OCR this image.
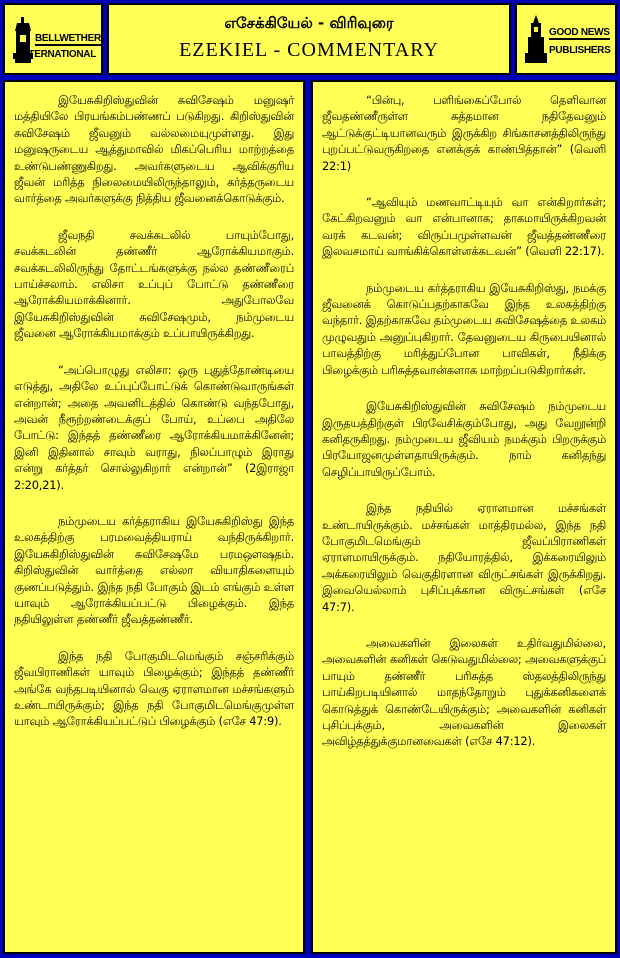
BELLWETHER
INTERNATIONAL
எசேக்கியேல் - விரிவுரை
EZEKIEL - COMMENTARY
GOOD NEWS
PUBLISHERS

இயேசுகிறிஸ்துவின் சுவிசேஷம் மனுஷர் மத்தியிலே பிரயங்கம்பண்ணப் படுகிறது. கிறிஸ்துவின் சுவிசேஷம் ஜீவனும் வல்லமையுமுள்ளது. இது மனுஷருடைய ஆத்துமாவில் மிகப்பெரிய மாற்றத்தை உண்டுபண்ணுகிறது. அவர்களுடைய ஆவிக்குரிய ஜீவன் மரித்த நிலைமையிலிருந்தாலும், கர்த்தருடைய வார்த்தை அவர்களுக்கு நித்திய ஜீவனைக்கொடுக்கும்.

ஜீவநதி சவக்கடலில் பாயும்போது, சவக்கடலின் தண்ணீர் ஆரோக்கியமாகும். சவக்கடலிலிருந்து தோட்டங்களுக்கு நல்ல தண்ணீரைப் பாய்ச்சலாம். எலிசா உப்புப் போட்டு தண்ணீரை ஆரோக்கியமாக்கினார். அதுபோலவே இயேசுகிறிஸ்துவின் சுவிசேஷமும், நம்முடைய ஜீவனை ஆரோக்கியமாக்கும் உப்பாயிருக்கிறது.

“அப்பொழுது எலிசா: ஒரு புதுத்தோண்டியை எடுத்து, அதிலே உப்புப்போட்டுக் கொண்டுவாருங்கள் என்றான்; அதை அவனிடத்தில் கொண்டு வந்தபோது, அவன் நீரூற்றண்டைக்குப் போய், உப்பை அதிலே போட்டு: இந்தத் தண்ணீரை ஆரோக்கியமாக்கினேன்; இனி இதினால் சாவும் வராது, நிலப்பாழும் இராது என்று கர்த்தர் சொல்லுகிறார் என்றான்” (2இராஜா 2:20,21).

நம்முடைய கர்த்தராகிய இயேசுகிறிஸ்து இந்த உலகத்திற்கு பரமவைத்தியராய் வந்திருக்கிறார். இயேசுகிறிஸ்துவின் சுவிசேஷமே பரமஔஷதம். கிறிஸ்துவின் வார்த்தை எல்லா வியாதிகளையும் குணப்படுத்தும். இந்த நதி போகும் இடம் எங்கும் உள்ள யாவும் ஆரோக்கியப்பட்டு பிழைக்கும். இந்த நதியிலுள்ள தண்ணீர் ஜீவத்தண்ணீர்.

இந்த நதி போகுமிடமெங்கும் சஞ்சரிக்கும் ஜீவபிராணிகள் யாவும் பிழைக்கும்; இந்தத் தண்ணீர் அங்கே வந்தபடியினால் வெகு ஏராளமான மச்சங்களும் உண்டாயிருக்கும்; இந்த நதி போகுமிடமெங்குமுள்ள யாவும் ஆரோக்கியப்பட்டுப் பிழைக்கும் (எசே 47:9).

“பின்பு, பளிங்கைப்போல் தெளிவான ஜீவதண்ணீருள்ள சுத்தமான நதிதேவனும் ஆட்டுக்குட்டியானவரும் இருக்கிற சிங்காசனத்திலிருந்து புறப்பட்டுவருகிறதை எனக்குக் காண்பித்தான்” (வெளி 22:1)

“ஆவியும் மணவாட்டியும் வா என்கிறார்கள்; கேட்கிறவனும் வா என்பானாக; தாகமாயிருக்கிறவன் வரக் கடவன்; விருப்பமுள்ளவன் ஜீவத்தண்ணீரை இலவசமாய் வாங்கிக்கொள்ளக்கடவன்” (வெளி 22:17).

நம்முடைய கர்த்தராகிய இயேசுகிறிஸ்து, நமக்கு ஜீவனைக் கொடுப்பதற்காகவே இந்த உலகத்திற்கு வந்தார். இதற்காகவே தம்முடைய சுவிசேஷத்தை உலகம் முழுவதும் அனுப்புகிறார். தேவனுடைய கிருபையினால் பாவத்திற்கு மரித்துப்போன பாவிகள், நீதிக்கு பிழைக்கும் பரிசுத்தவான்களாக மாற்றப்படுகிறார்கள்.

இயேசுகிறிஸ்துவின் சுவிசேஷம் நம்முடைய இருதயத்திற்குள் பிரவேசிக்கும்போது, அது வேறூன்றி கனிதருகிறது. நம்முடைய ஜீவியம் நமக்கும் பிறருக்கும் பிரயோஜனமுள்ளதாயிருக்கும். நாம் கனிதந்து செழிப்பாயிருப்போம்.

இந்த நதியில் ஏராளமான மச்சங்கள் உண்டாயிருக்கும். மச்சங்கள் மாத்திரமல்ல, இந்த நதி போகுமிடமெங்கும் ஜீவப்பிராணிகள் ஏராளமாயிருக்கும். நதியோரத்தில், இக்கரையிலும் அக்கரையிலும் வெகுதிரளான விருட்சங்கள் இருக்கிறது. இவையெல்லாம் புசிப்புக்கான விருட்சங்கள் (எசே 47:7).

அவைகளின் இலைகள் உதிர்வதுமில்லை, அவைகளின் கனிகள் கெடுவதுமில்லை; அவைகளுக்குப் பாயும் தண்ணீர் பரிசுத்த ஸ்தலத்திலிருந்து பாய்கிறபடியினால் மாதந்தோறும் புதுக்கனிகளைக் கொடுத்துக் கொண்டேயிருக்கும்; அவைகளின் கனிகள் புசிப்புக்கும், அவைகளின் இலைகள் அவிழ்தத்துக்குமானவைகள் (எசே 47:12).
